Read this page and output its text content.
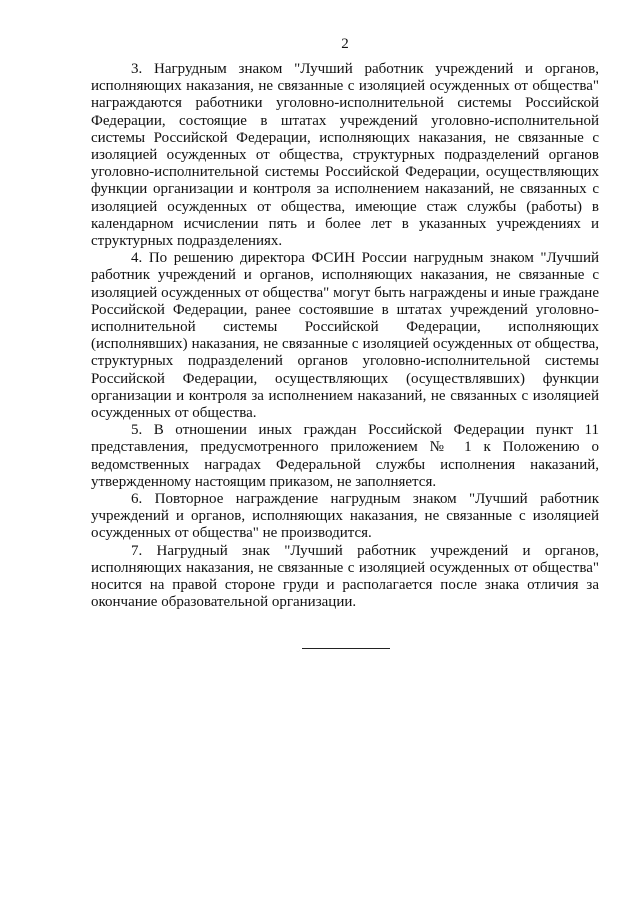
2

3. Нагрудным знаком "Лучший работник учреждений и органов, исполняющих наказания, не связанные с изоляцией осужденных от общества" награждаются работники уголовно-исполнительной системы Российской Федерации, состоящие в штатах учреждений уголовно-исполнительной системы Российской Федерации, исполняющих наказания, не связанные с изоляцией осужденных от общества, структурных подразделений органов уголовно-исполнительной системы Российской Федерации, осуществляющих функции организации и контроля за исполнением наказаний, не связанных с изоляцией осужденных от общества, имеющие стаж службы (работы) в календарном исчислении пять и более лет в указанных учреждениях и структурных подразделениях.

4. По решению директора ФСИН России нагрудным знаком "Лучший работник учреждений и органов, исполняющих наказания, не связанные с изоляцией осужденных от общества" могут быть награждены и иные граждане Российской Федерации, ранее состоявшие в штатах учреждений уголовно-исполнительной системы Российской Федерации, исполняющих (исполнявших) наказания, не связанные с изоляцией осужденных от общества, структурных подразделений органов уголовно-исполнительной системы Российской Федерации, осуществляющих (осуществлявших) функции организации и контроля за исполнением наказаний, не связанных с изоляцией осужденных от общества.

5. В отношении иных граждан Российской Федерации пункт 11 представления, предусмотренного приложением № 1 к Положению о ведомственных наградах Федеральной службы исполнения наказаний, утвержденному настоящим приказом, не заполняется.

6. Повторное награждение нагрудным знаком "Лучший работник учреждений и органов, исполняющих наказания, не связанные с изоляцией осужденных от общества" не производится.

7. Нагрудный знак "Лучший работник учреждений и органов, исполняющих наказания, не связанные с изоляцией осужденных от общества" носится на правой стороне груди и располагается после знака отличия за окончание образовательной организации.
